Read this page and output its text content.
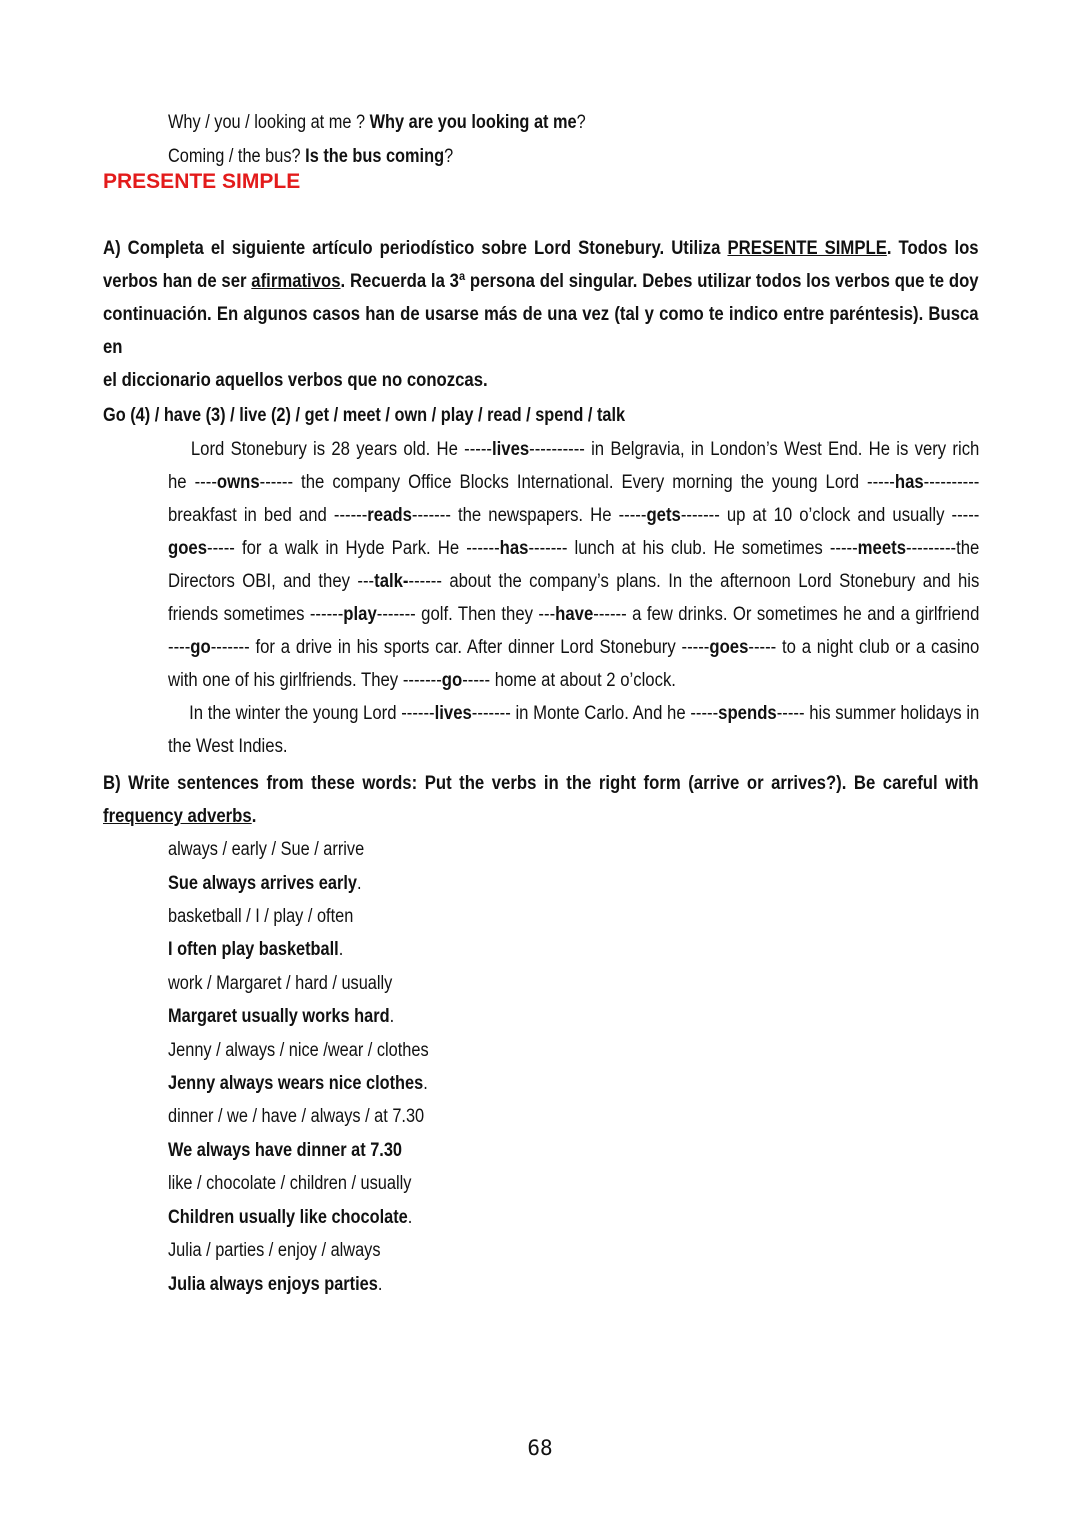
Why / you / looking at me ? Why are you looking at me?
Coming / the bus? Is the bus coming?
PRESENTE SIMPLE
A) Completa el siguiente artículo periodístico sobre Lord Stonebury. Utiliza PRESENTE SIMPLE. Todos los
verbos han de ser afirmativos. Recuerda la 3ª persona del singular. Debes utilizar todos los verbos que te doy
continuación. En algunos casos han de usarse más de una vez (tal y como te indico entre paréntesis). Busca
en
el diccionario aquellos verbos que no conozcas.
Go (4) / have (3) / live (2) / get / meet / own / play / read / spend / talk
Lord Stonebury is 28 years old. He -----lives---------- in Belgravia, in London’s West End. He is very rich
he ----owns------ the company Office Blocks International. Every morning the young Lord -----has----------
breakfast in bed and ------reads------- the newspapers. He -----gets------- up at 10 o’clock and usually -----
goes----- for a walk in Hyde Park. He ------has------- lunch at his club. He sometimes -----meets---------the
Directors OBI, and they ---talk------- about the company’s plans. In the afternoon Lord Stonebury and his
friends sometimes ------play------- golf. Then they ---have------ a few drinks. Or sometimes he and a girlfriend
----go------- for a drive in his sports car. After dinner Lord Stonebury -----goes----- to a night club or a casino
with one of his girlfriends. They -------go----- home at about 2 o’clock.
In the winter the young Lord ------lives------- in Monte Carlo. And he -----spends----- his summer holidays in
the West Indies.
B) Write sentences from these words: Put the verbs in the right form (arrive or arrives?). Be careful with
frequency adverbs.
always / early / Sue / arrive
Sue always arrives early.
basketball / I / play / often
I often play basketball.
work / Margaret / hard / usually
Margaret usually works hard.
Jenny / always / nice /wear / clothes
Jenny always wears nice clothes.
dinner / we / have / always / at 7.30
We always have dinner at 7.30
like / chocolate / children / usually
Children usually like chocolate.
Julia / parties / enjoy / always
Julia always enjoys parties.
68
